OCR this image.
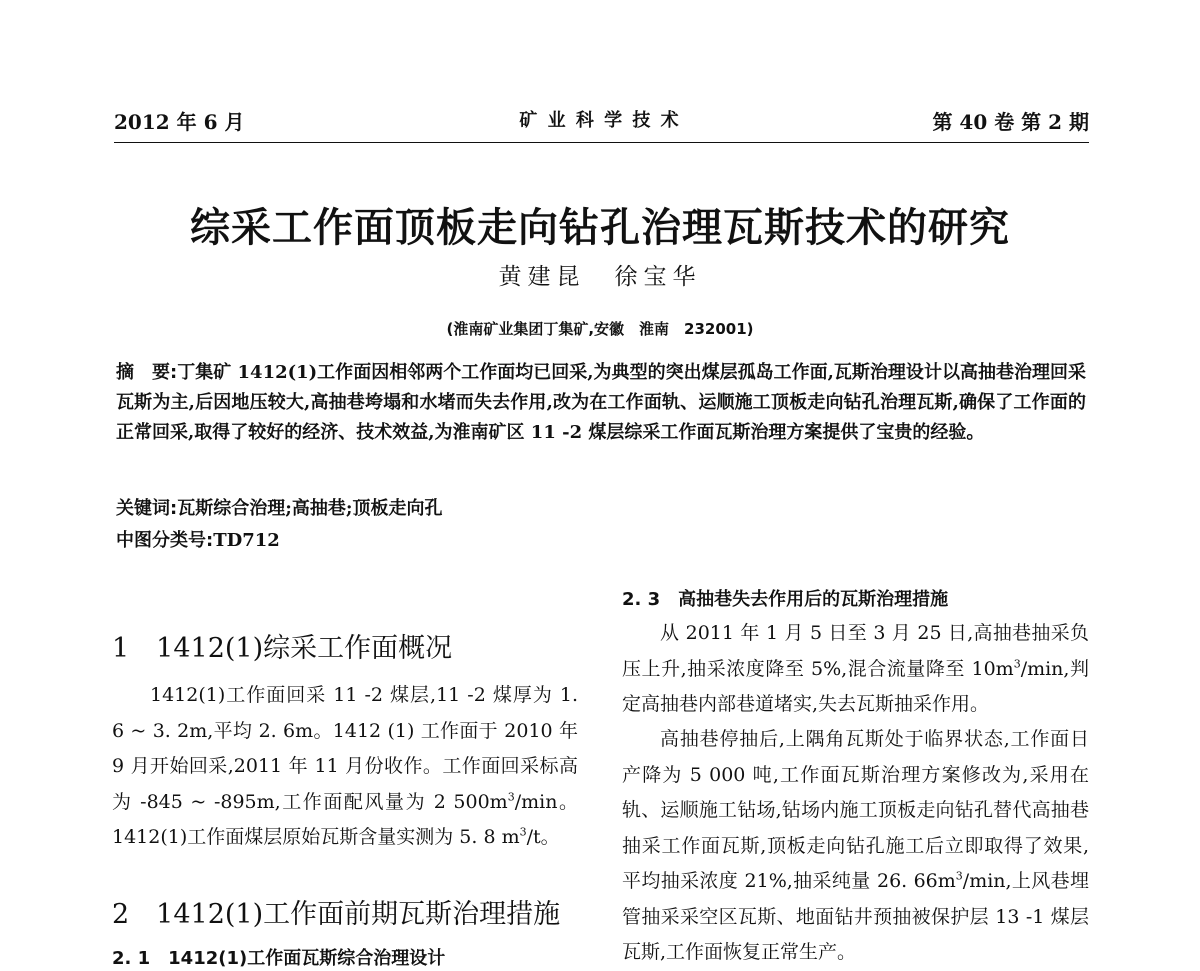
2012 年 6 月	矿 业 科 学 技 术	第 40 卷 第 2 期
综采工作面顶板走向钻孔治理瓦斯技术的研究
黄建昆　徐宝华
(淮南矿业集团丁集矿,安徽　淮南　232001)

摘　要:丁集矿 1412(1)工作面因相邻两个工作面均已回采,为典型的突出煤层孤岛工作面,瓦斯治理设计以高抽巷治理回采瓦斯为主,后因地压较大,高抽巷垮塌和水堵而失去作用,改为在工作面轨、运顺施工顶板走向钻孔治理瓦斯,确保了工作面的正常回采,取得了较好的经济、技术效益,为淮南矿区 11 -2 煤层综采工作面瓦斯治理方案提供了宝贵的经验。

关键词:瓦斯综合治理;高抽巷;顶板走向孔

中图分类号:TD712

1　1412(1)综采工作面概况

1412(1)工作面回采 11 -2 煤层,11 -2 煤厚为 1. 6 ~ 3. 2m,平均 2. 6m。1412 (1) 工作面于 2010 年 9 月开始回采,2011 年 11 月份收作。工作面回采标高为 -845 ~ -895m,工作面配风量为 2 $500m^3/\min$。1412(1)工作面煤层原始瓦斯含量实测为 5. 8 $m^3/t$。

2　1412(1)工作面前期瓦斯治理措施
2. 1　1412(1)工作面瓦斯综合治理设计
2. 3　高抽巷失去作用后的瓦斯治理措施

从 2011 年 1 月 5 日至 3 月 25 日,高抽巷抽采负压上升,抽采浓度降至 5%,混合流量降至 $10m^3/\min$,判定高抽巷内部巷道堵实,失去瓦斯抽采作用。

高抽巷停抽后,上隅角瓦斯处于临界状态,工作面日产降为 5 000 吨,工作面瓦斯治理方案修改为,采用在轨、运顺施工钻场,钻场内施工顶板走向钻孔替代高抽巷抽采工作面瓦斯,顶板走向钻孔施工后立即取得了效果,平均抽采浓度 21%,抽采纯量 26. $66m^3/\min$,上风巷埋管抽采采空区瓦斯、地面钻井预抽被保护层 13 -1 煤层瓦斯,工作面恢复正常生产。
